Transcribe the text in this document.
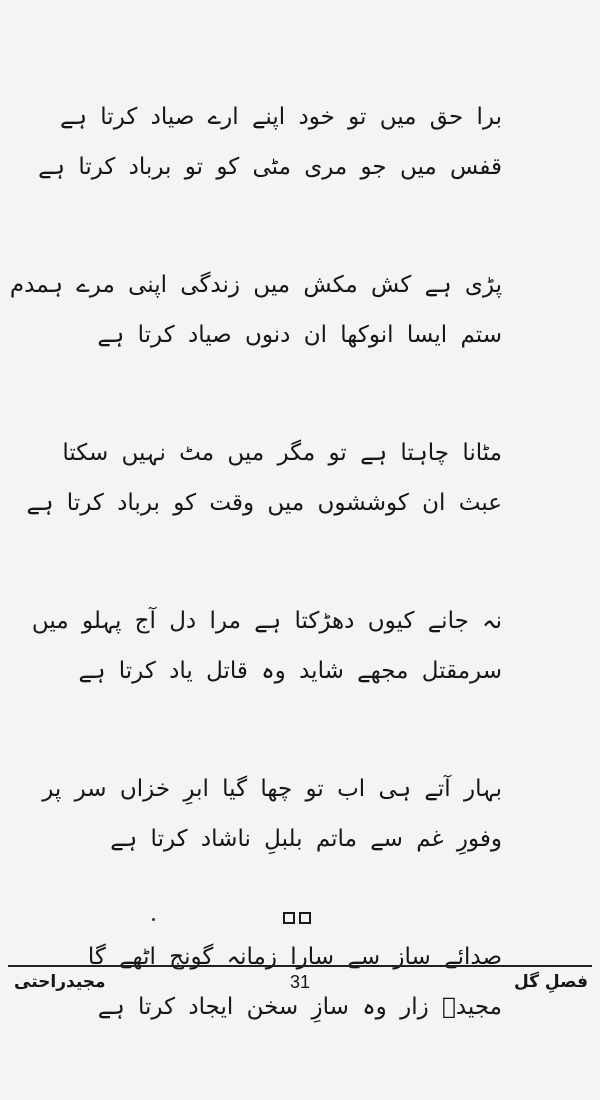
برا حق میں تو خود اپنے ارے صیاد کرتا ہے
قفس میں جو مری مٹی کو تو برباد کرتا ہے
پڑی ہے کش مکش میں زندگی اپنی مرے ہمدم
ستم ایسا انوکھا ان دنوں صیاد کرتا ہے
مٹانا چاہتا ہے تو مگر میں مٹ نہیں سکتا
عبث ان کوششوں میں وقت کو برباد کرتا ہے
نہ جانے کیوں دھڑکتا ہے مرا دل آج پہلو میں
سرمقتل مجھے شاید وہ قاتل یاد کرتا ہے
بہار آتے ہی اب تو چھا گیا ابرِ خزاں سر پر
وفورِ غم سے ماتم بلبلِ ناشاد کرتا ہے
صدائے ساز سے سارا زمانہ گونج اٹھے گا
مجیدؔ زار وہ سازِ سخن ایجاد کرتا ہے
مجیدراحتی	31	فصلِ گل
